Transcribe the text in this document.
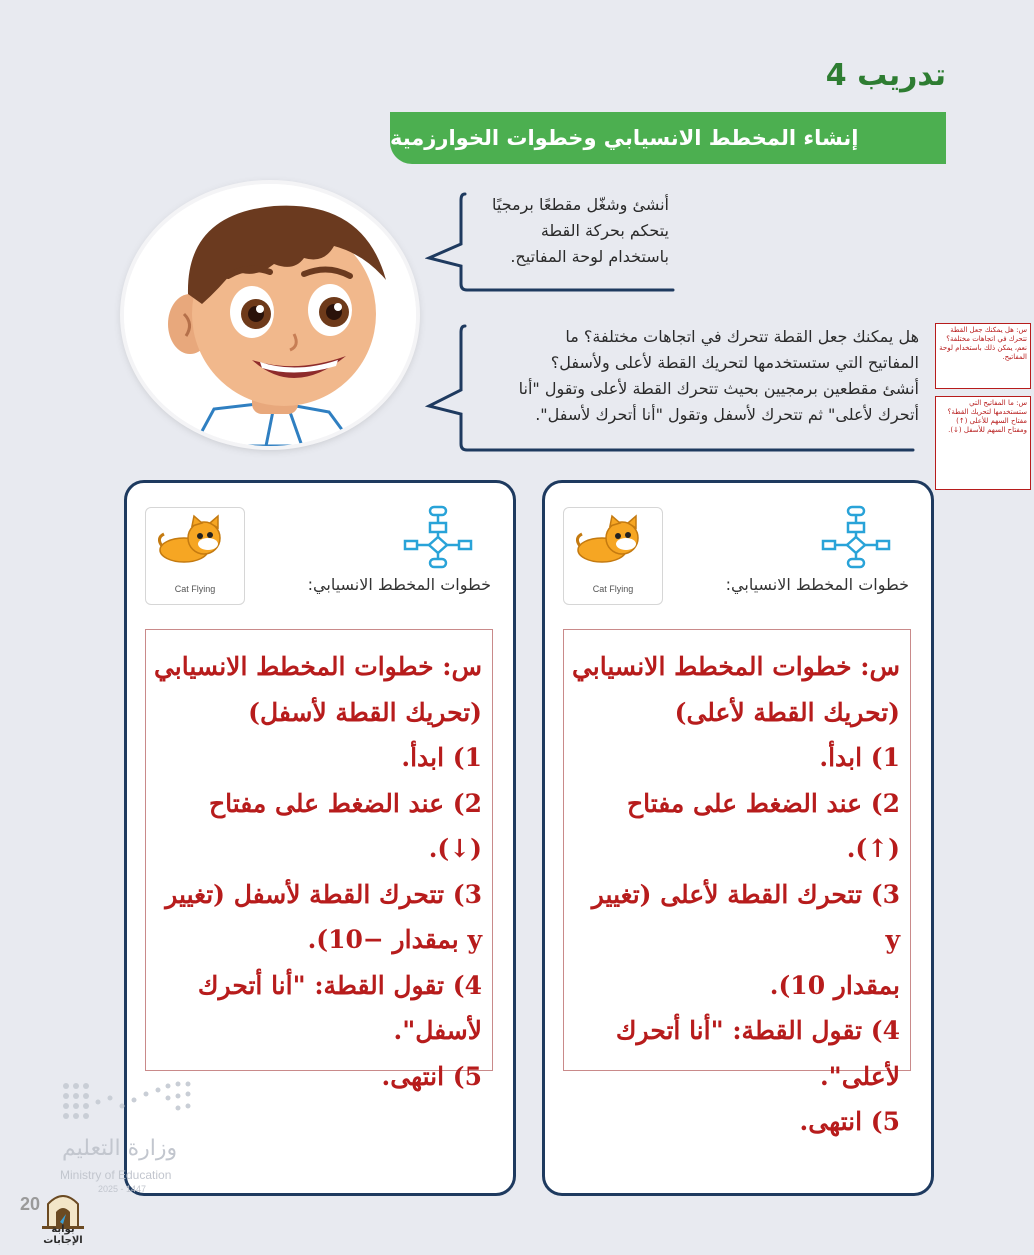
تدريب 4
إنشاء المخطط الانسيابي وخطوات الخوارزمية
أنشئ وشغّل مقطعًا برمجيًا
يتحكم بحركة القطة
باستخدام لوحة المفاتيح.
هل يمكنك جعل القطة تتحرك في اتجاهات مختلفة؟ ما
المفاتيح التي ستستخدمها لتحريك القطة لأعلى ولأسفل؟
أنشئ مقطعين برمجيين بحيث تتحرك القطة لأعلى وتقول "أنا
أتحرك لأعلى" ثم تتحرك لأسفل وتقول "أنا أتحرك لأسفل".
س: هل يمكنك جعل القطة تتحرك في اتجاهات مختلفة؟ نعم، يمكن ذلك باستخدام لوحة المفاتيح.
س: ما المفاتيح التي ستستخدمها لتحريك القطة؟ مفتاح السهم للأعلى (↑) ومفتاح السهم للأسفل (↓).
Cat Flying	خطوات المخطط الانسيابي:
س: خطوات المخطط الانسيابي
(تحريك القطة لأسفل)
1) ابدأ.
2) عند الضغط على مفتاح (↓).
3) تتحرك القطة لأسفل (تغيير
y بمقدار −10).
4) تقول القطة: "أنا أتحرك
لأسفل".
5) انتهى.
Cat Flying	خطوات المخطط الانسيابي:
س: خطوات المخطط الانسيابي
(تحريك القطة لأعلى)
1) ابدأ.
2) عند الضغط على مفتاح (↑).
3) تتحرك القطة لأعلى (تغيير y
بمقدار 10).
4) تقول القطة: "أنا أتحرك
لأعلى".
5) انتهى.
وزارة التعليم
Ministry of Education
2025 - 1447
20
بوابة الإجابات
